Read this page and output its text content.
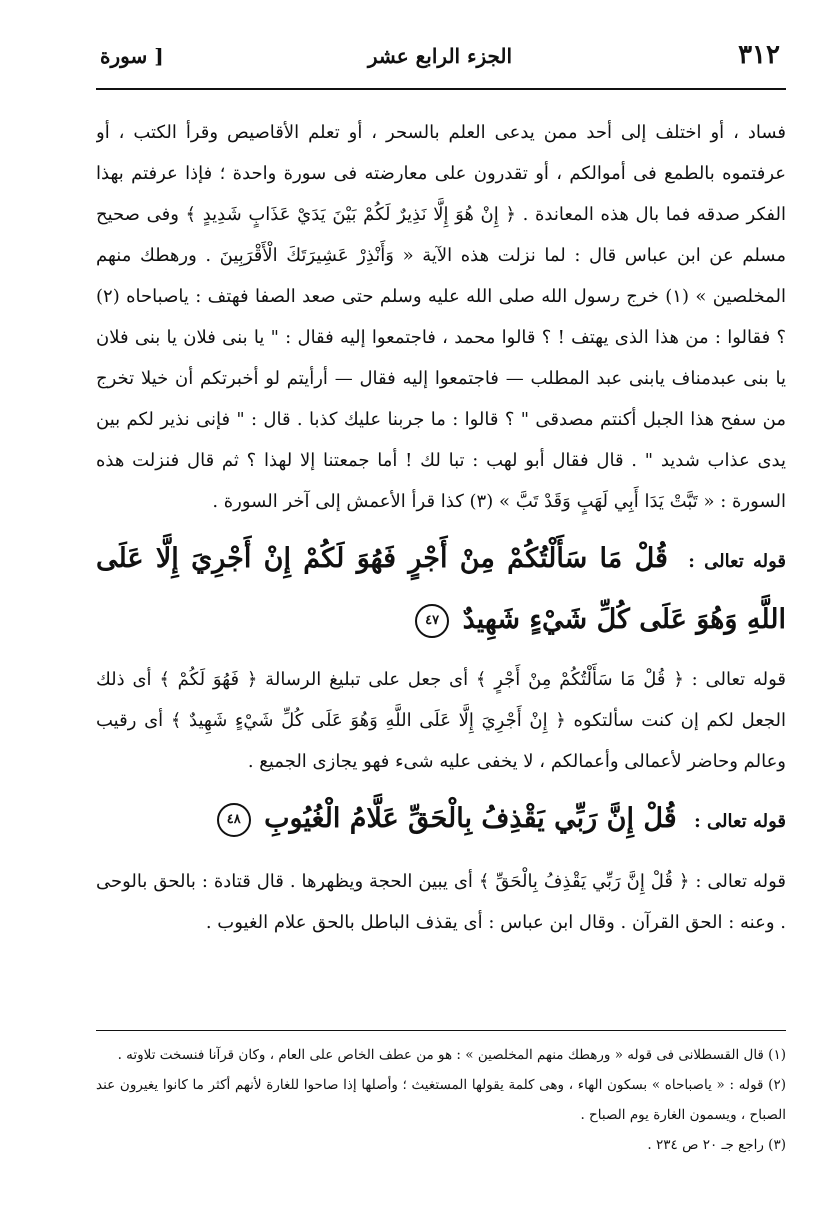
٣١٢
الجزء الرابع عشر
[ سورة

فساد ، أو اختلف إلى أحد ممن يدعى العلم بالسحر ، أو تعلم الأقاصيص وقرأ الكتب ، أو عرفتموه بالطمع فى أموالكم ، أو تقدرون على معارضته فى سورة واحدة ؛ فإذا عرفتم بهذا الفكر صدقه فما بال هذه المعاندة . ﴿ إِنْ هُوَ إِلَّا نَذِيرٌ لَكُمْ بَيْنَ يَدَيْ عَذَابٍ شَدِيدٍ ﴾ وفى صحيح مسلم عن ابن عباس قال : لما نزلت هذه الآية « وَأَنْذِرْ عَشِيرَتَكَ الْأَقْرَبِينَ . ورهطك منهم المخلصين » (١) خرج رسول الله صلى الله عليه وسلم حتى صعد الصفا فهتف : ياصباحاه (٢) ؟ فقالوا : من هذا الذى يهتف ! ؟ قالوا محمد ، فاجتمعوا إليه فقال : " يا بنى فلان يا بنى فلان يا بنى عبدمناف يابنى عبد المطلب — فاجتمعوا إليه فقال — أرأيتم لو أخبرتكم أن خيلا تخرج من سفح هذا الجبل أكنتم مصدقى " ؟ قالوا : ما جربنا عليك كذبا . قال : " فإنى نذير لكم بين يدى عذاب شديد " . قال فقال أبو لهب : تبا لك ! أما جمعتنا إلا لهذا ؟ ثم قال فنزلت هذه السورة : « تَبَّتْ يَدَا أَبِي لَهَبٍ وَقَدْ تَبَّ » (٣) كذا قرأ الأعمش إلى آخر السورة .

قوله تعالى : قُلْ مَا سَأَلْتُكُمْ مِنْ أَجْرٍ فَهُوَ لَكُمْ إِنْ أَجْرِيَ إِلَّا عَلَى اللَّهِ وَهُوَ عَلَى كُلِّ شَيْءٍ شَهِيدٌ ٤٧

قوله تعالى : ﴿ قُلْ مَا سَأَلْتُكُمْ مِنْ أَجْرٍ ﴾ أى جعل على تبليغ الرسالة ﴿ فَهُوَ لَكُمْ ﴾ أى ذلك الجعل لكم إن كنت سألتكوه ﴿ إِنْ أَجْرِيَ إِلَّا عَلَى اللَّهِ وَهُوَ عَلَى كُلِّ شَيْءٍ شَهِيدٌ ﴾ أى رقيب وعالم وحاضر لأعمالى وأعمالكم ، لا يخفى عليه شىء فهو يجازى الجميع .

قوله تعالى : قُلْ إِنَّ رَبِّي يَقْذِفُ بِالْحَقِّ عَلَّامُ الْغُيُوبِ ٤٨

قوله تعالى : ﴿ قُلْ إِنَّ رَبِّي يَقْذِفُ بِالْحَقِّ ﴾ أى يبين الحجة ويظهرها . قال قتادة : بالحق بالوحى . وعنه : الحق القرآن . وقال ابن عباس : أى يقذف الباطل بالحق علام الغيوب .

(١) قال القسطلانى فى قوله « ورهطك منهم المخلصين » : هو من عطف الخاص على العام ، وكان قرآنا فنسخت تلاوته .

(٢) قوله : « ياصباحاه » بسكون الهاء ، وهى كلمة يقولها المستغيث ؛ وأصلها إذا صاحوا للغارة لأنهم أكثر ما كانوا يغيرون عند الصباح ، ويسمون الغارة يوم الصباح .

(٣) راجع جـ ٢٠ ص ٢٣٤ .
